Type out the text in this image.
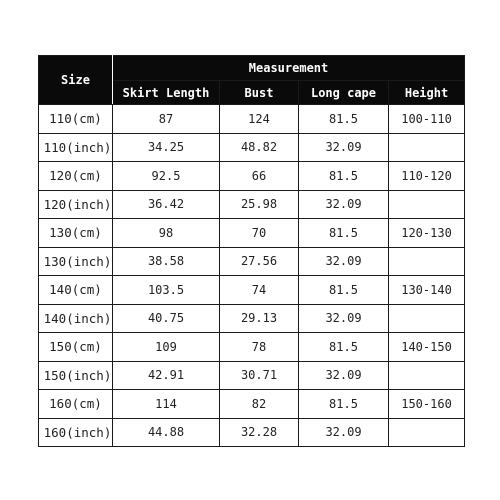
Size	Measurement			
	Skirt Length	Bust	Long cape	Height
110(cm)	87	124	81.5	100-110
110(inch)	34.25	48.82	32.09	
120(cm)	92.5	66	81.5	110-120
120(inch)	36.42	25.98	32.09	
130(cm)	98	70	81.5	120-130
130(inch)	38.58	27.56	32.09	
140(cm)	103.5	74	81.5	130-140
140(inch)	40.75	29.13	32.09	
150(cm)	109	78	81.5	140-150
150(inch)	42.91	30.71	32.09	
160(cm)	114	82	81.5	150-160
160(inch)	44.88	32.28	32.09	
